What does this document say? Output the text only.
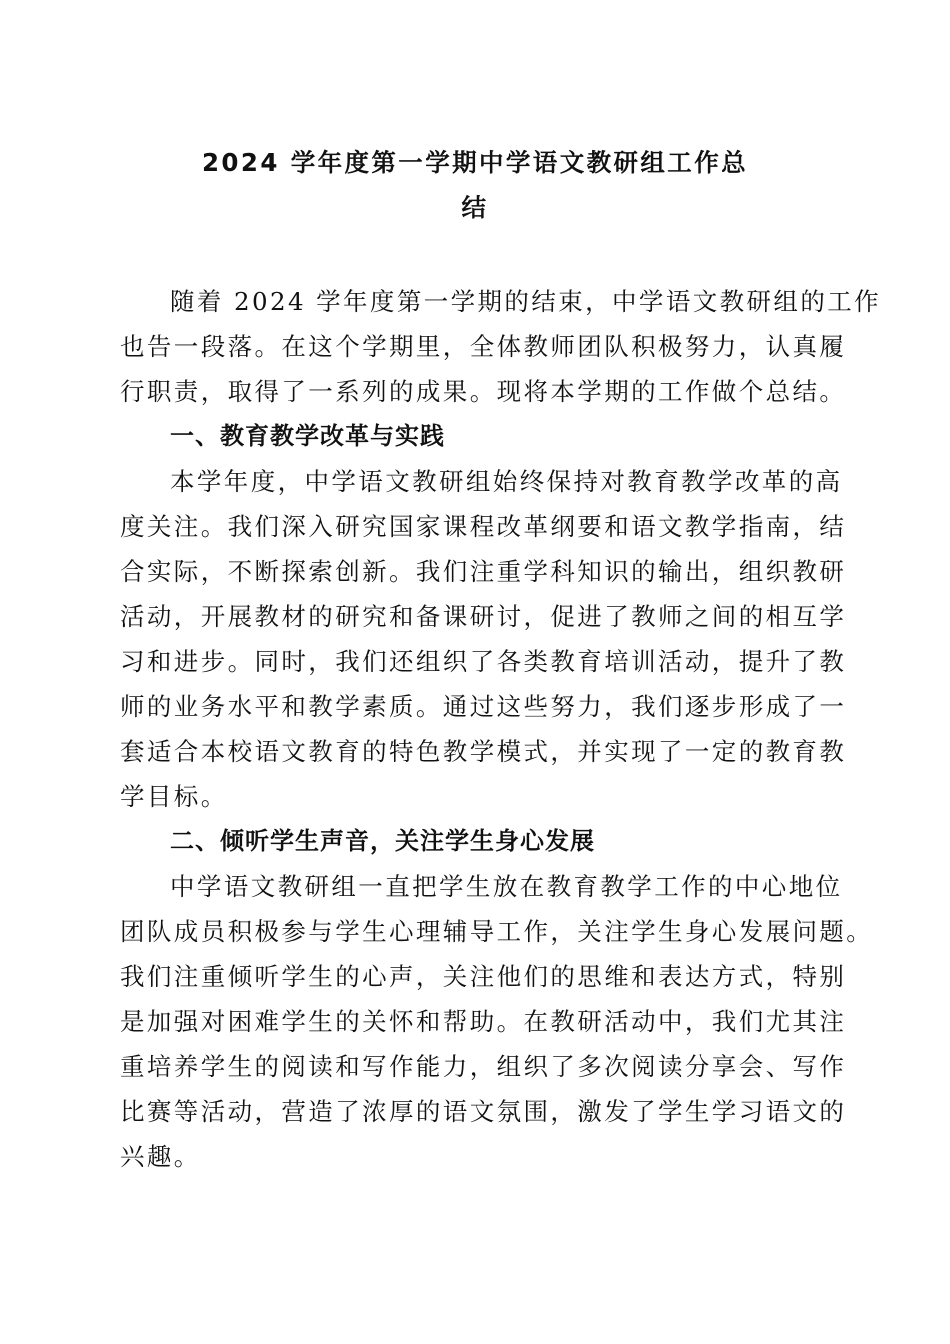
2024 学年度第一学期中学语文教研组工作总
结
随着 2024 学年度第一学期的结束，中学语文教研组的工作
也告一段落。在这个学期里，全体教师团队积极努力，认真履
行职责，取得了一系列的成果。现将本学期的工作做个总结。
一、教育教学改革与实践
本学年度，中学语文教研组始终保持对教育教学改革的高
度关注。我们深入研究国家课程改革纲要和语文教学指南，结
合实际，不断探索创新。我们注重学科知识的输出，组织教研
活动，开展教材的研究和备课研讨，促进了教师之间的相互学
习和进步。同时，我们还组织了各类教育培训活动，提升了教
师的业务水平和教学素质。通过这些努力，我们逐步形成了一
套适合本校语文教育的特色教学模式，并实现了一定的教育教
学目标。
二、倾听学生声音，关注学生身心发展
中学语文教研组一直把学生放在教育教学工作的中心地位
团队成员积极参与学生心理辅导工作，关注学生身心发展问题。
我们注重倾听学生的心声，关注他们的思维和表达方式，特别
是加强对困难学生的关怀和帮助。在教研活动中，我们尤其注
重培养学生的阅读和写作能力，组织了多次阅读分享会、写作
比赛等活动，营造了浓厚的语文氛围，激发了学生学习语文的
兴趣。
